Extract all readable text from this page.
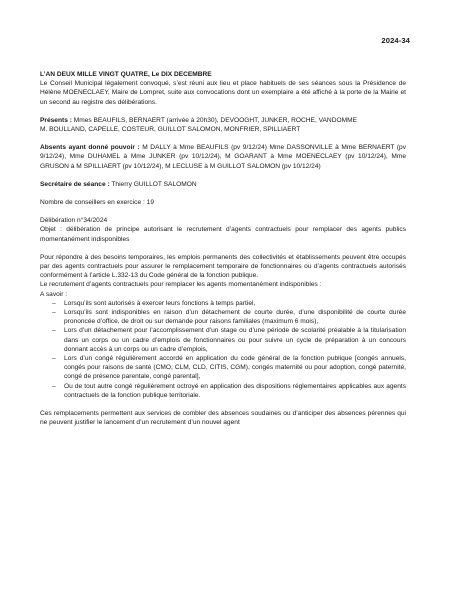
2024-34

L’AN DEUX MILLE VINGT QUATRE, Le DIX DECEMBRE

Le Conseil Municipal légalement convoqué, s’est réuni aux lieu et place habituels de ses séances sous la Présidence de Hélène MOENECLAEY, Maire de Lompret, suite aux convocations dont un exemplaire a été affiché à la porte de la Mairie et un second au registre des délibérations.

Présents : Mmes BEAUFILS, BERNAERT (arrivée à 20h30), DEVOOGHT, JUNKER, ROCHE, VANDOMME

M. BOULLAND, CAPELLE, COSTEUR, GUILLOT SALOMON, MONFRIER, SPILLIAERT

Absents ayant donné pouvoir : M DALLY à Mme BEAUFILS (pv 9/12/24) Mme DASSONVILLE à Mme BERNAERT (pv 9/12/24), Mme DUHAMEL à Mme JUNKER (pv 10/12/24), M GOARANT à Mme MOENECLAEY (pv 10/12/24), Mme GRUSON à M SPILLIAERT (pv 10/12/24), M LECLUSE à M GUILLOT SALOMON (pv 10/12/24)

Secrétaire de séance : Thierry GUILLOT SALOMON

Nombre de conseillers en exercice : 19

Délibération n°34/2024

Objet : délibération de principe autorisant le recrutement d’agents contractuels pour remplacer des agents publics momentanément indisponibles

Pour répondre à des besoins temporaires, les emplois permanents des collectivités et établissements peuvent être occupés par des agents contractuels pour assurer le remplacement temporaire de fonctionnaires ou d’agents contractuels autorisés conformément à l’article L.332-13 du Code général de la fonction publique.

Le recrutement d’agents contractuels pour remplacer les agents momentanément indisponibles :

A savoir :

– Lorsqu’ils sont autorisés à exercer leurs fonctions à temps partiel,
– Lorsqu’ils sont indisponibles en raison d’un détachement de courte durée, d’une disponibilité de courte durée prononcée d’office, de droit ou sur demande pour raisons familiales (maximum 6 mois),
– Lors d’un détachement pour l’accomplissement d’un stage ou d’une période de scolarité préalable à la titularisation dans un corps ou un cadre d’emplois de fonctionnaires ou pour suivre un cycle de préparation à un concours donnant accès à un corps ou un cadre d’emplois,
– Lors d’un congé régulièrement accordé en application du code général de la fonction publique [congés annuels, congés pour raisons de santé (CMO, CLM, CLD, CITIS, CGM), congés maternité ou pour adoption, congé paternité, congé de présence parentale, congé parental],
– Ou de tout autre congé régulièrement octroyé en application des dispositions réglementaires applicables aux agents contractuels de la fonction publique territoriale.

Ces remplacements permettent aux services de combler des absences soudaines ou d’anticiper des absences pérennes qui ne peuvent justifier le lancement d’un recrutement d’un nouvel agent
